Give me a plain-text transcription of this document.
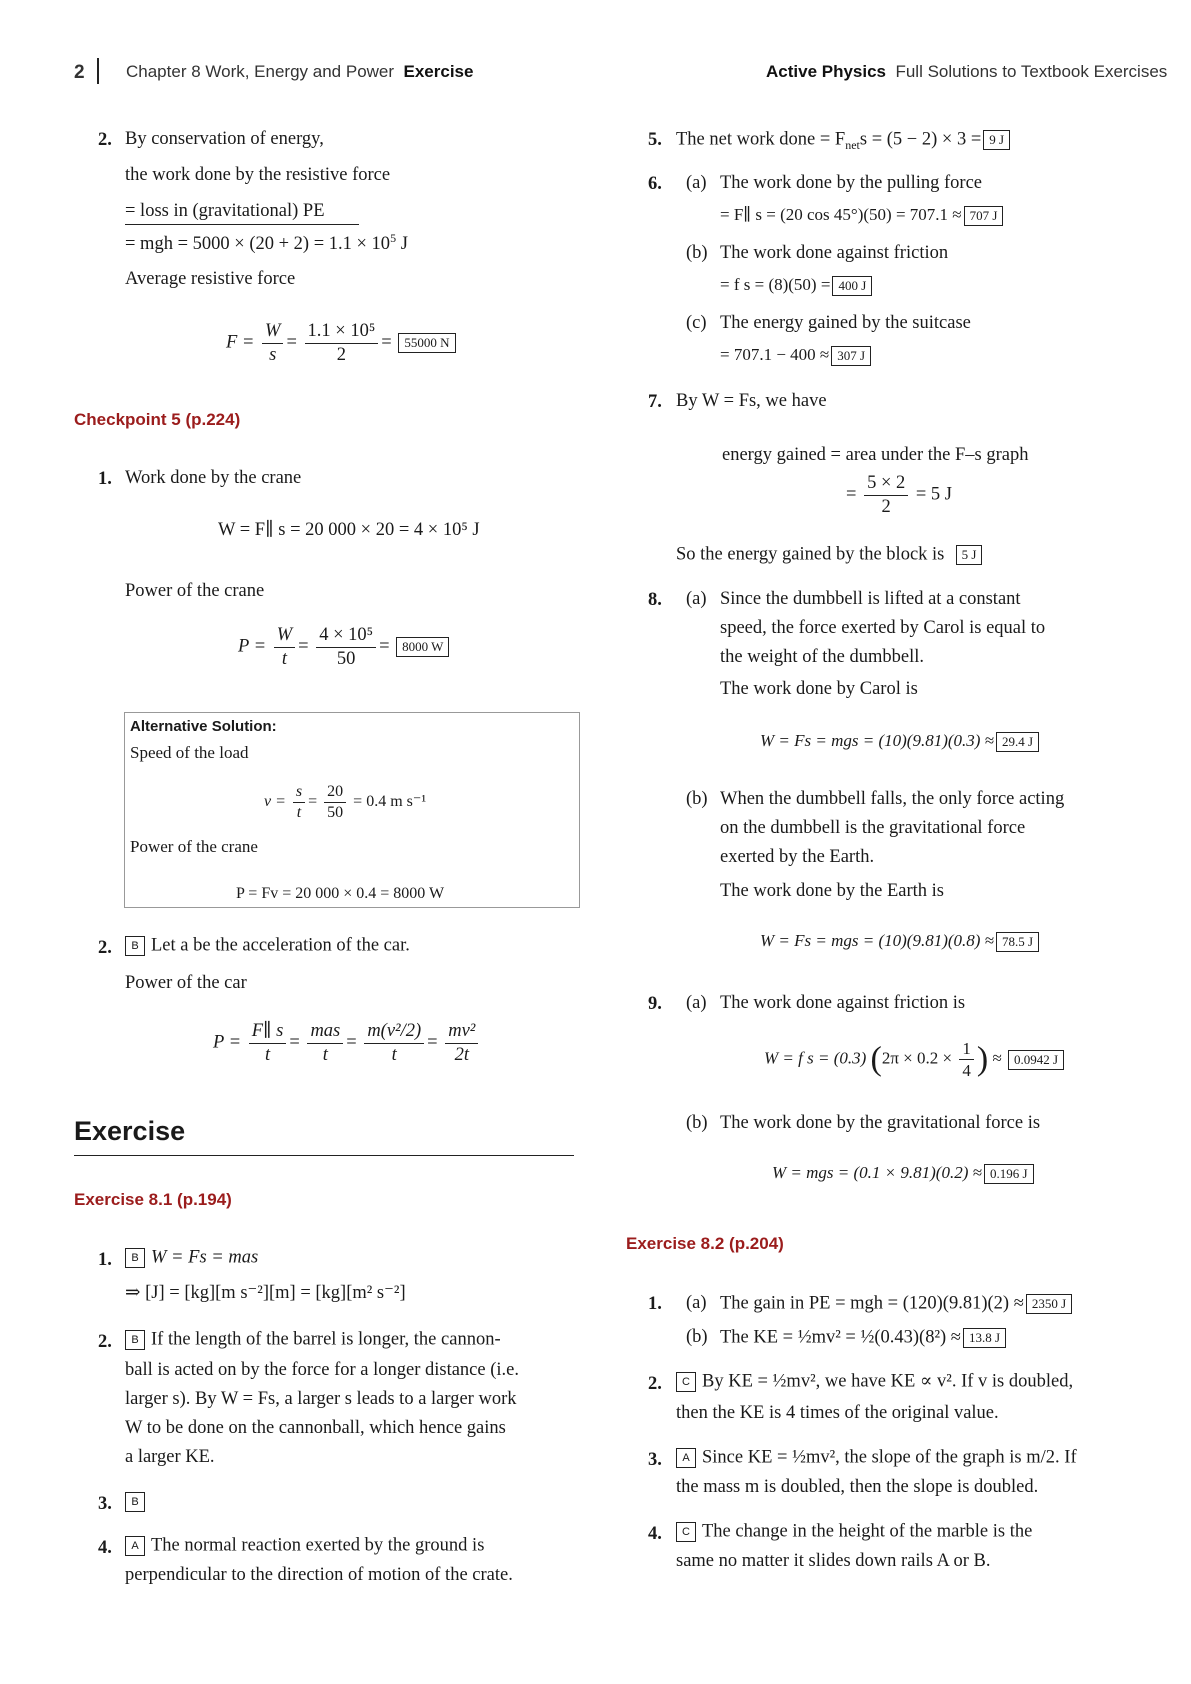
2 Chapter 8 Work, Energy and Power Exercise	Active Physics Full Solutions to Textbook Exercises
2. By conservation of energy,
the work done by the resistive force
= loss in (gravitational) PE
= mgh = $5000 \times (20 + 2) = 1.1 \times 10^5$ J
Average resistive force
$F = \frac{W}{s} = \frac{\text{1.1 × 10⁵}}{2} = 55000$ N
Checkpoint 5 (p.224)
1. Work done by the crane
W = F∥ s = 20 000 × 20 = 4 × 10⁵ J
Power of the crane
$P = \frac{W}{t} = \frac{\text{4 × 10⁵}}{50} = 8000$ W
Alternative Solution:
Speed of the load
$v = \frac{s}{t} = \frac{20}{50} = 0.4$ m s⁻¹
Power of the crane
P = Fv = 20 000 × 0.4 = 8000 W
2.	B Let a be the acceleration of the car.
Power of the car
$P = \frac{F\parallel s}{t} = \frac{\text{mas}}{t} = \frac{\text{m(v²/2)}}{t} = \frac{\text{mv²}}{2t}$
Exercise
Exercise 8.1 (p.194)
1.	B W = Fs = mas
⇒ [J] = [kg][m s⁻²][m] = [kg][m² s⁻²]
2.	B If the length of the barrel is longer, the cannon-
ball is acted on by the force for a longer distance (i.e.
larger s). By W = Fs, a larger s leads to a larger work
W to be done on the cannonball, which hence gains
a larger KE.
3.	B
4.	A The normal reaction exerted by the ground is
perpendicular to the direction of motion of the crate.
5. The net work done = $F_{net}s = (5 - 2) \times 3 = 9$ J
6. (a) The work done by the pulling force
= F∥ s = (20 cos 45°)(50) = 707.1 ≈ 707 J
(b) The work done against friction
= f s = (8)(50) = 400 J
(c) The energy gained by the suitcase
= 707.1 − 400 ≈ 307 J
7. By W = Fs, we have
energy gained = area under the F–s graph
= $\frac{5 \times 2}{2} = 5$ J
So the energy gained by the block is 5 J
8. (a) Since the dumbbell is lifted at a constant
speed, the force exerted by Carol is equal to
the weight of the dumbbell.
The work done by Carol is
W = Fs = mgs = (10)(9.81)(0.3) ≈ 29.4 J
(b) When the dumbbell falls, the only force acting
on the dumbbell is the gravitational force
exerted by the Earth.
The work done by the Earth is
W = Fs = mgs = (10)(9.81)(0.8) ≈ 78.5 J
9. (a) The work done against friction is
W = f s = (0.3) ($2\pi \times 0.2 \times \frac{1}{4}$ ) ≈ 0.0942 J
(b) The work done by the gravitational force is
W = mgs = (0.1 × 9.81)(0.2) ≈ 0.196 J
Exercise 8.2 (p.204)
1. (a) The gain in PE = mgh = (120)(9.81)(2) ≈ 2350 J
(b) The KE = ½mv² = ½(0.43)(8²) ≈ 13.8 J
2.	C By KE = ½mv², we have KE ∝ v². If v is doubled,
then the KE is 4 times of the original value.
3.	A Since KE = ½mv², the slope of the graph is m/2. If
the mass m is doubled, then the slope is doubled.
4.	C The change in the height of the marble is the
same no matter it slides down rails A or B.
